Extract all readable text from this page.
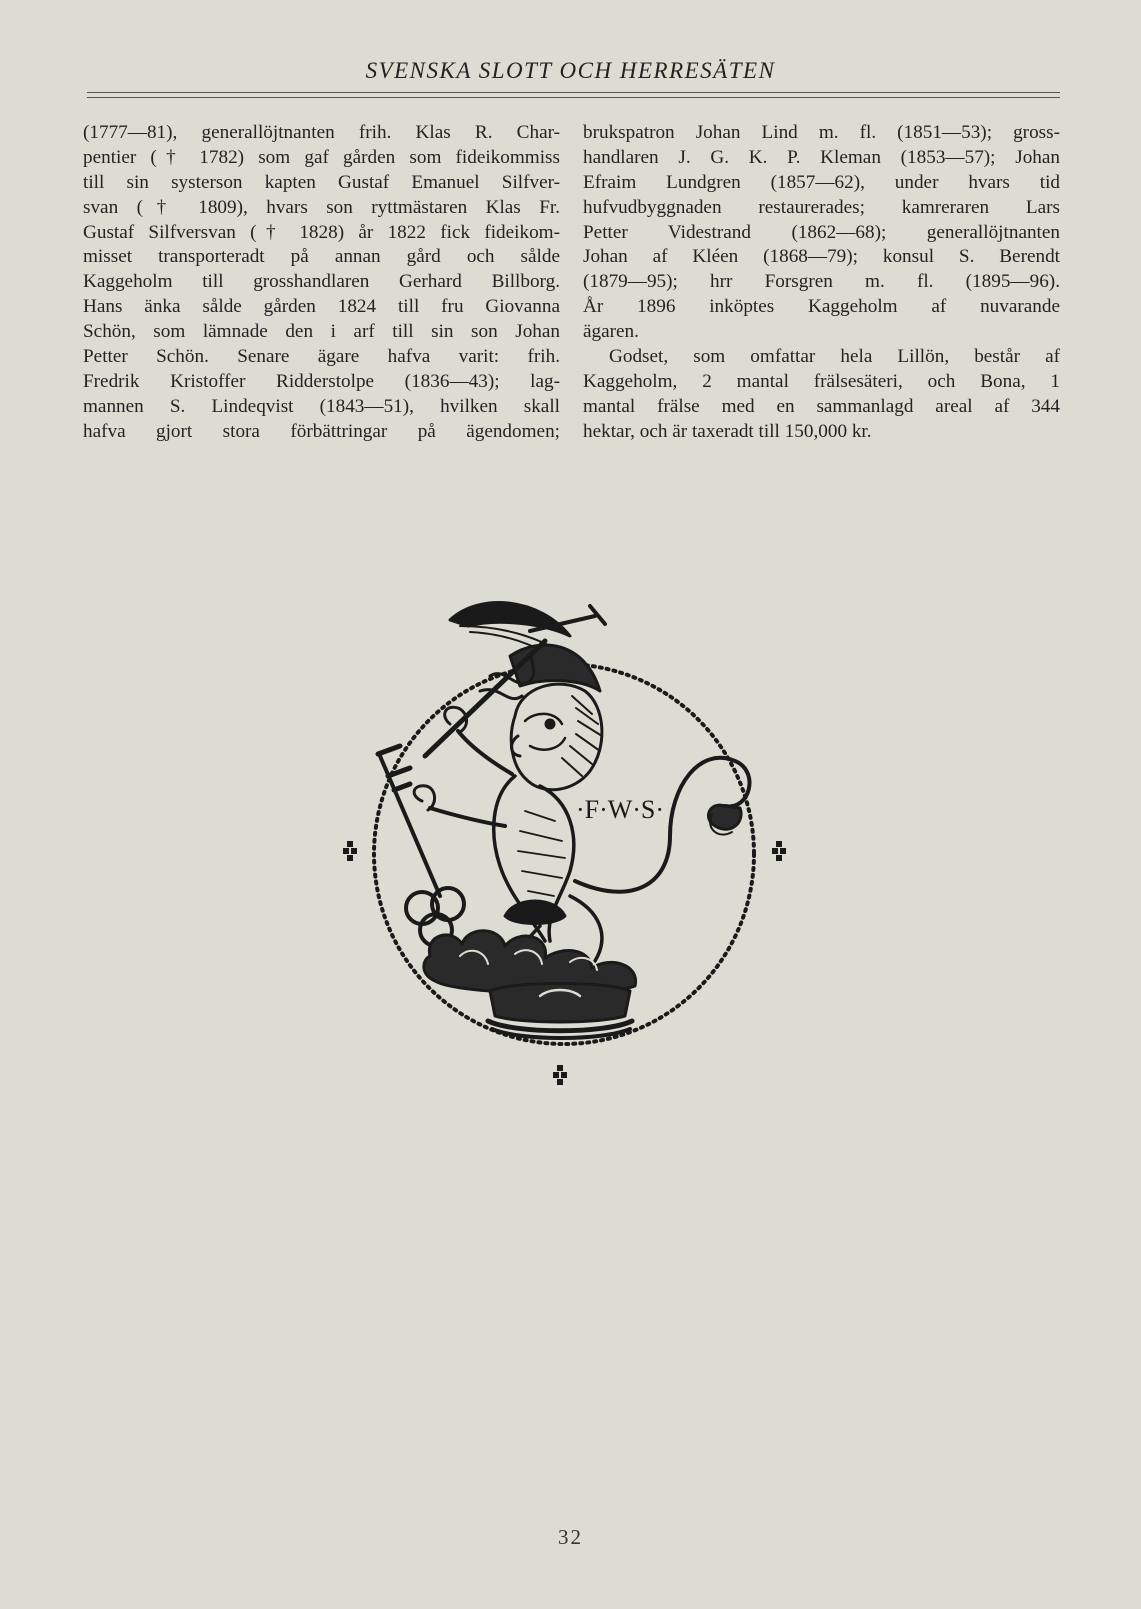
SVENSKA SLOTT OCH HERRESÄTEN
(1777—81), generallöjtnanten frih. Klas R. Char-
pentier († 1782) som gaf gården som fideikommiss
till sin systerson kapten Gustaf Emanuel Silfver-
svan († 1809), hvars son ryttmästaren Klas Fr.
Gustaf Silfversvan († 1828) år 1822 fick fideikom-
misset transporteradt på annan gård och sålde
Kaggeholm till grosshandlaren Gerhard Billborg.
Hans änka sålde gården 1824 till fru Giovanna
Schön, som lämnade den i arf till sin son Johan
Petter Schön. Senare ägare hafva varit: frih.
Fredrik Kristoffer Ridderstolpe (1836—43); lag-
mannen S. Lindeqvist (1843—51), hvilken skall
hafva gjort stora förbättringar på ägendomen;
brukspatron Johan Lind m. fl. (1851—53); gross-
handlaren J. G. K. P. Kleman (1853—57); Johan
Efraim Lundgren (1857—62), under hvars tid
hufvudbyggnaden restaurerades; kamreraren Lars
Petter Videstrand (1862—68); generallöjtnanten
Johan af Kléen (1868—79); konsul S. Berendt
(1879—95); hrr Forsgren m. fl. (1895—96).
År 1896 inköptes Kaggeholm af nuvarande
ägaren.
Godset, som omfattar hela Lillön, består af
Kaggeholm, 2 mantal frälsesäteri, och Bona, 1
mantal frälse med en sammanlagd areal af 344
hektar, och är taxeradt till 150,000 kr.
·F·W·S·
32
